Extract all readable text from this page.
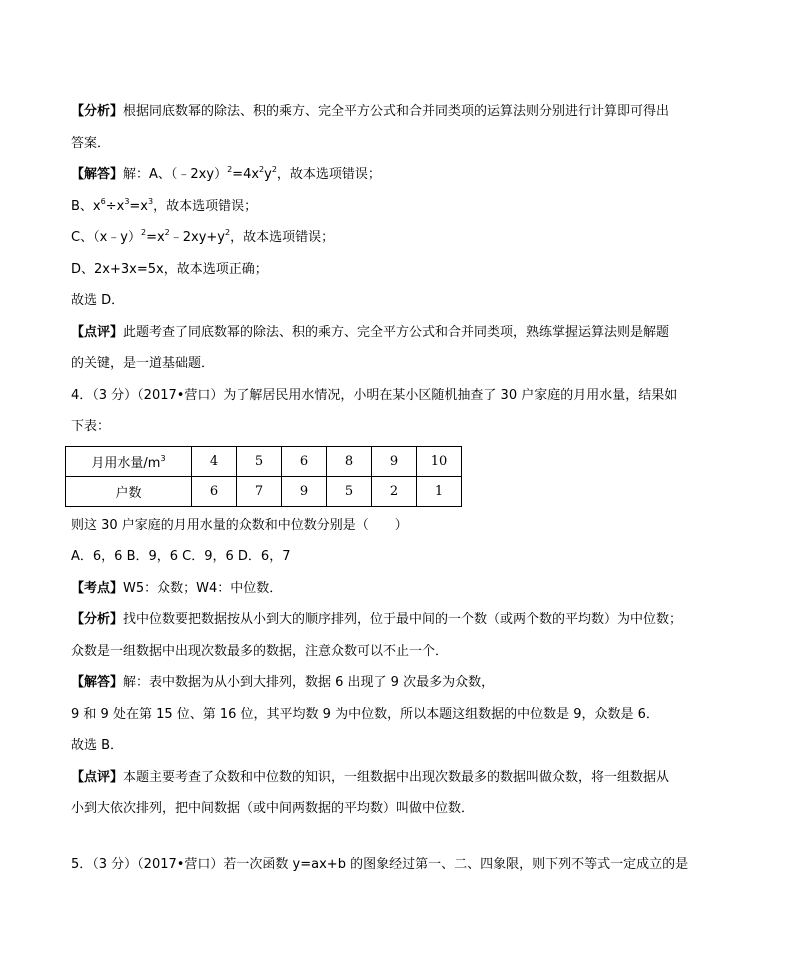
【分析】根据同底数幂的除法、积的乘方、完全平方公式和合并同类项的运算法则分别进行计算即可得出
答案．
【解答】解：A、$(﹣2xy)^2=4x^2y^2$，故本选项错误；
B、$x^6\div x^3=x^3$，故本选项错误；
C、$(x﹣y)^2=x^2﹣2xy+y^2$，故本选项错误；
D、2x+3x=5x，故本选项正确；
故选 D．
【点评】此题考查了同底数幂的除法、积的乘方、完全平方公式和合并同类项，熟练掌握运算法则是解题
的关键，是一道基础题．
4．（3 分）（2017•营口）为了解居民用水情况，小明在某小区随机抽查了 30 户家庭的月用水量，结果如
下表：
月用水量$/m^3$	4	5	6	8	9	10
户数	6	7	9	5	2	1
则这 30 户家庭的月用水量的众数和中位数分别是（　　）
A．6，6 B．9，6 C．9，6 D．6，7
【考点】W5：众数；W4：中位数．
【分析】找中位数要把数据按从小到大的顺序排列，位于最中间的一个数（或两个数的平均数）为中位数；
众数是一组数据中出现次数最多的数据，注意众数可以不止一个．
【解答】解：表中数据为从小到大排列，数据 6 出现了 9 次最多为众数，
9 和 9 处在第 15 位、第 16 位，其平均数 9 为中位数，所以本题这组数据的中位数是 9，众数是 6．
故选 B．
【点评】本题主要考查了众数和中位数的知识，一组数据中出现次数最多的数据叫做众数，将一组数据从
小到大依次排列，把中间数据（或中间两数据的平均数）叫做中位数．
5．（3 分）（2017•营口）若一次函数 y=ax+b 的图象经过第一、二、四象限，则下列不等式一定成立的是
